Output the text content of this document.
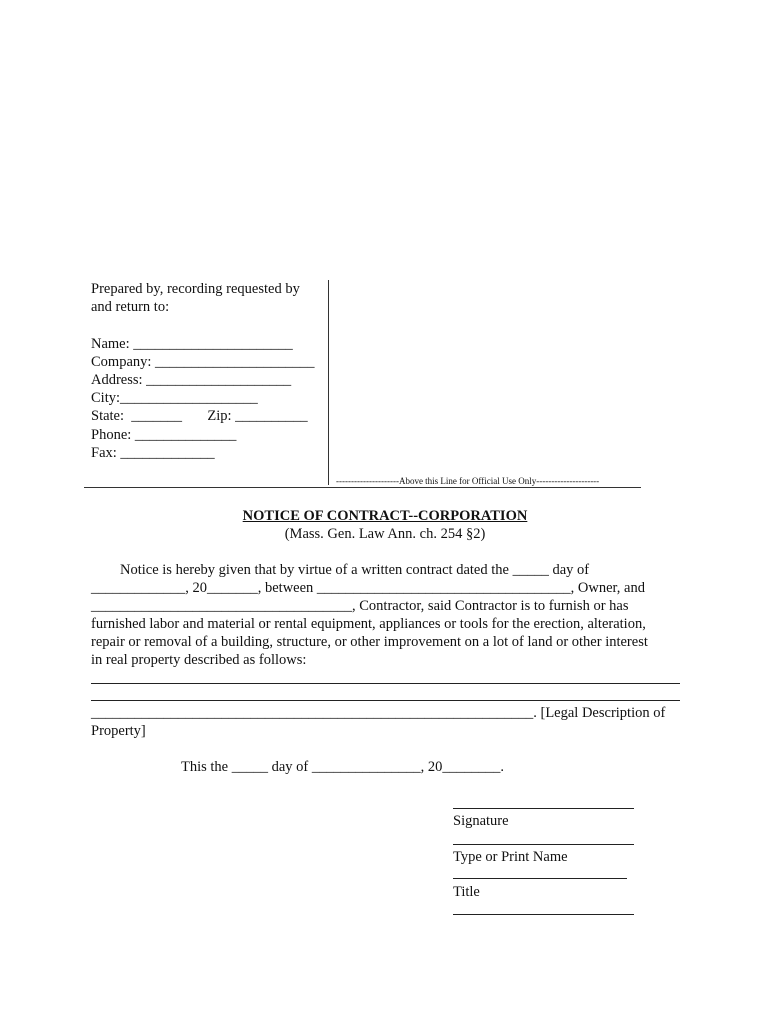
Prepared by, recording requested by
and return to:
Name: ______________________
Company: ______________________
Address: ____________________
City:___________________
State:  _______       Zip: __________
Phone: ______________
Fax: _____________
---------------------Above this Line for Official Use Only---------------------
NOTICE OF CONTRACT--CORPORATION
(Mass. Gen. Law Ann. ch. 254 §2)
Notice is hereby given that by virtue of a written contract dated the _____ day of
_____________, 20_______, between ___________________________________, Owner, and
____________________________________, Contractor, said Contractor is to furnish or has
furnished labor and material or rental equipment, appliances or tools for the erection, alteration,
repair or removal of a building, structure, or other improvement on a lot of land or other interest
in real property described as follows:
_____________________________________________________________. [Legal Description of
Property]
This the _____ day of _______________, 20________.
Signature
Type or Print Name
Title
